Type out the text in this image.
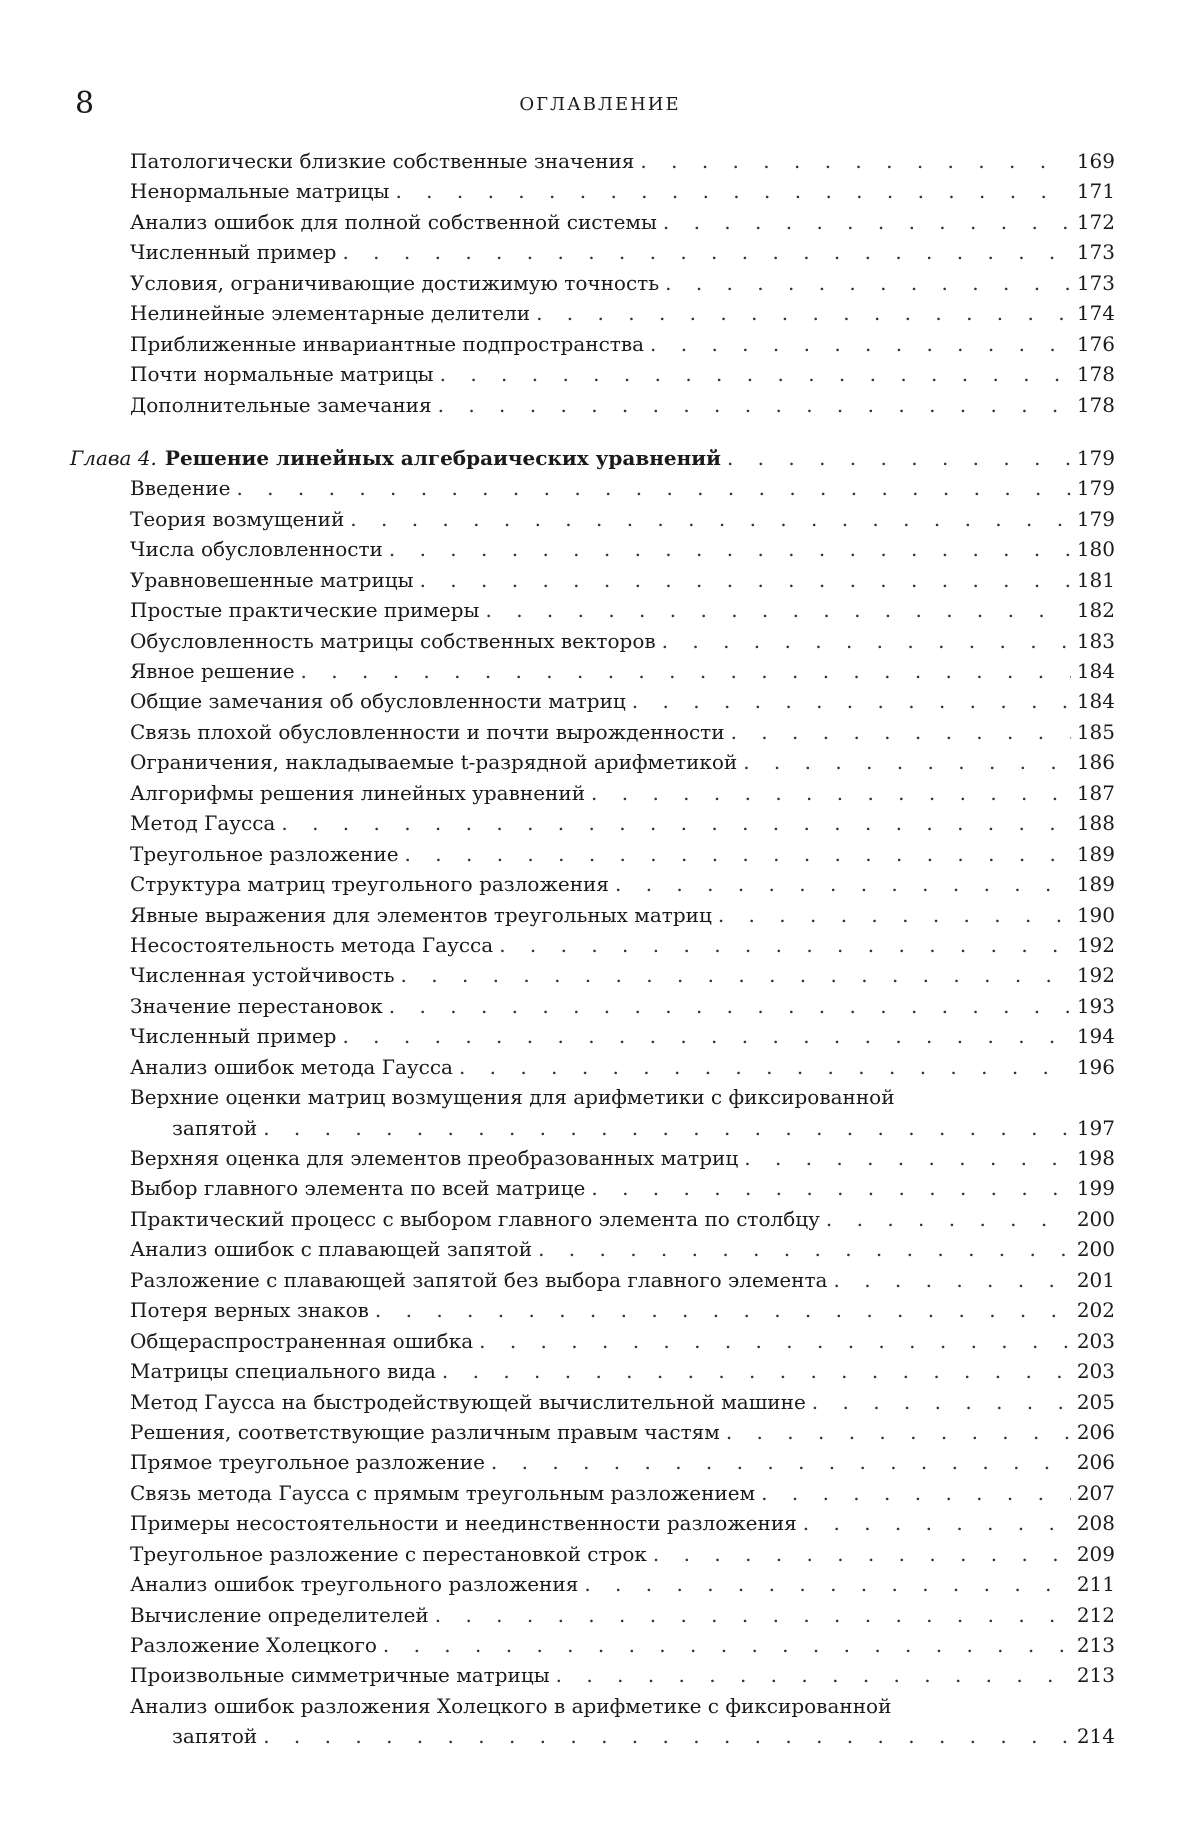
8	ОГЛАВЛЕНИЕ
Патологически близкие собственные значения
. . .	169
Ненормальные матрицы
. . .	171
Анализ ошибок для полной собственной системы
. . .	172
Численный пример
. . .	173
Условия, ограничивающие достижимую точность
. . .	173
Нелинейные элементарные делители
. . .	174
Приближенные инвариантные подпространства
. . .	176
Почти нормальные матрицы
. . .	178
Дополнительные замечания
. . .	178
Глава 4. Решение линейных алгебраических уравнений
. . .	179
Введение
. . .	179
Теория возмущений
. . .	179
Числа обусловленности
. . .	180
Уравновешенные матрицы
. . .	181
Простые практические примеры
. . .	182
Обусловленность матрицы собственных векторов
. . .	183
Явное решение
. . .	184
Общие замечания об обусловленности матриц
. . .	184
Связь плохой обусловленности и почти вырожденности
. . .	185
Ограничения, накладываемые t-разрядной арифметикой
. . .	186
Алгорифмы решения линейных уравнений
. . .	187
Метод Гаусса
. . .	188
Треугольное разложение
. . .	189
Структура матриц треугольного разложения
. . .	189
Явные выражения для элементов треугольных матриц
. . .	190
Несостоятельность метода Гаусса
. . .	192
Численная устойчивость
. . .	192
Значение перестановок
. . .	193
Численный пример
. . .	194
Анализ ошибок метода Гаусса
. . .	196
Верхние оценки матриц возмущения для арифметики с фиксированной
запятой
. . .	197
Верхняя оценка для элементов преобразованных матриц
. . .	198
Выбор главного элемента по всей матрице
. . .	199
Практический процесс с выбором главного элемента по столбцу
. . .	200
Анализ ошибок с плавающей запятой
. . .	200
Разложение с плавающей запятой без выбора главного элемента
. . .	201
Потеря верных знаков
. . .	202
Общераспространенная ошибка
. . .	203
Матрицы специального вида
. . .	203
Метод Гаусса на быстродействующей вычислительной машине
. . .	205
Решения, соответствующие различным правым частям
. . .	206
Прямое треугольное разложение
. . .	206
Связь метода Гаусса с прямым треугольным разложением
. . .	207
Примеры несостоятельности и неединственности разложения
. . .	208
Треугольное разложение с перестановкой строк
. . .	209
Анализ ошибок треугольного разложения
. . .	211
Вычисление определителей
. . .	212
Разложение Холецкого
. . .	213
Произвольные симметричные матрицы
. . .	213
Анализ ошибок разложения Холецкого в арифметике с фиксированной
запятой
. . .	214
